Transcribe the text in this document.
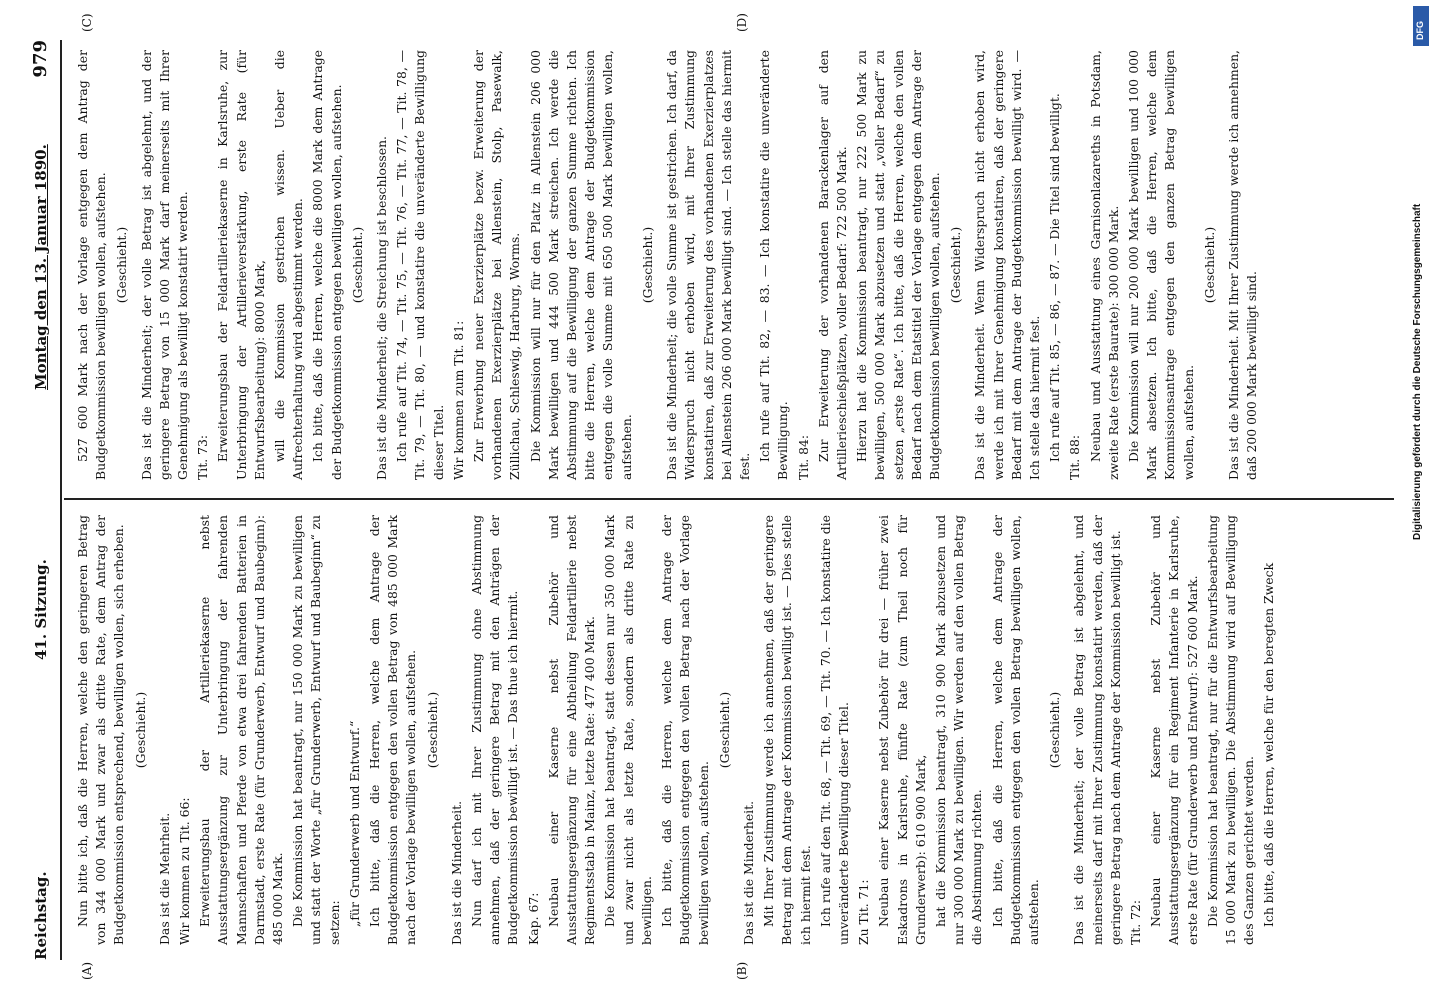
Reichstag.
41. Sitzung.
Montag den 13. Januar 1890.
979
(A)	(B)
(C)	(D)

Nun bitte ich, daß die Herren, welche den geringeren Betrag von 344 000 Mark und zwar als dritte Rate, dem Antrag der Budgetkommission entsprechend, bewilligen wollen, sich erheben. (Geschieht.)

Das ist die Mehrheit. Wir kommen zu Tit. 66: Erweiterungsbau der Artilleriekaserne nebst Ausstattungsergänzung zur Unterbringung der fahrenden Mannschaften und Pferde von etwa drei fahrenden Batterien in Darmstadt, erste Rate (für Grunderwerb, Entwurf und Baubeginn): 485 000 Mark. Die Kommission hat beantragt, nur 150 000 Mark zu bewilligen und statt der Worte „für Grunderwerb, Entwurf und Baubeginn“ zu setzen: „für Grunderwerb und Entwurf.“ Ich bitte, daß die Herren, welche dem Antrage der Budgetkommission entgegen den vollen Betrag von 485 000 Mark nach der Vorlage bewilligen wollen, aufstehen. (Geschieht.)

Das ist die Minderheit. Nun darf ich mit Ihrer Zustimmung ohne Abstimmung annehmen, daß der geringere Betrag mit den Anträgen der Budgetkommission bewilligt ist. — Das thue ich hiermit. Kap. 67: Neubau einer Kaserne nebst Zubehör und Ausstattungsergänzung für eine Abtheilung Feldartillerie nebst Regimentsstab in Mainz, letzte Rate: 477 400 Mark. Die Kommission hat beantragt, statt dessen nur 350 000 Mark und zwar nicht als letzte Rate, sondern als dritte Rate zu bewilligen. Ich bitte, daß die Herren, welche dem Antrage der Budgetkommission entgegen den vollen Betrag nach der Vorlage bewilligen wollen, aufstehen.

(Geschieht.)

Das ist die Minderheit. Mit Ihrer Zustimmung werde ich annehmen, daß der geringere Betrag mit dem Antrage der Kommission bewilligt ist. — Dies stelle ich hiermit fest. Ich rufe auf den Tit. 68, — Tit. 69, — Tit. 70. — Ich konstatire die unveränderte Bewilligung dieser Titel. Zu Tit. 71: Neubau einer Kaserne nebst Zubehör für drei — früher zwei Eskadrons in Karlsruhe, fünfte Rate (zum Theil noch für Grunderwerb): 610 900 Mark, hat die Kommission beantragt, 310 900 Mark abzusetzen und nur 300 000 Mark zu bewilligen. Wir werden auf den vollen Betrag die Abstimmung richten. Ich bitte, daß die Herren, welche dem Antrage der Budgetkommission entgegen den vollen Betrag bewilligen wollen, aufstehen.

(Geschieht.) Das ist die Minderheit; der volle Betrag ist abgelehnt, und meinerseits darf mit Ihrer Zustimmung konstatirt werden, daß der geringere Betrag nach dem Antrage der Kommission bewilligt ist. Tit. 72: Neubau einer Kaserne nebst Zubehör und Ausstattungsergänzung für ein Regiment Infanterie in Karlsruhe, erste Rate (für Grunderwerb und Entwurf): 527 600 Mark. Die Kommission hat beantragt, nur für die Entwurfsbearbeitung 15 000 Mark zu bewilligen. Die Abstimmung wird auf Bewilligung des Ganzen gerichtet werden. Ich bitte, daß die Herren, welche für den beregten Zweck

527 600 Mark nach der Vorlage entgegen dem Antrag der Budgetkommission bewilligen wollen, aufstehen. (Geschieht.) Das ist die Minderheit; der volle Betrag ist abgelehnt, und der geringere Betrag von 15 000 Mark darf meinerseits mit Ihrer Genehmigung als bewilligt konstatirt werden. Tit. 73: Erweiterungsbau der Feldartilleriekaserne in Karlsruhe, zur Unterbringung der Artillerieverstärkung, erste Rate (für Entwurfsbearbeitung): 8000 Mark, will die Kommission gestrichen wissen. Ueber die Aufrechterhaltung wird abgestimmt werden. Ich bitte, daß die Herren, welche die 8000 Mark dem Antrage der Budgetkommission entgegen bewilligen wollen, aufstehen. (Geschieht.) Das ist die Minderheit; die Streichung ist beschlossen. Ich rufe auf Tit. 74, — Tit. 75, — Tit. 76, — Tit. 77, — Tit. 78, — Tit. 79, — Tit. 80, — und konstatire die unveränderte Bewilligung dieser Titel. Wir kommen zum Tit. 81: Zur Erwerbung neuer Exerzierplätze bezw. Erweiterung der vorhandenen Exerzierplätze bei Allenstein, Stolp, Pasewalk, Züllichau, Schleswig, Harburg, Worms. Die Kommission will nur für den Platz in Allenstein 206 000 Mark bewilligen und 444 500 Mark streichen. Ich werde die Abstimmung auf die Bewilligung der ganzen Summe richten. Ich bitte die Herren, welche dem Antrage der Budgetkommission entgegen die volle Summe mit 650 500 Mark bewilligen wollen, aufstehen.

(Geschieht.) Das ist die Minderheit; die volle Summe ist gestrichen. Ich darf, da Widerspruch nicht erhoben wird, mit Ihrer Zustimmung konstatiren, daß zur Erweiterung des vorhandenen Exerzierplatzes bei Allenstein 206 000 Mark bewilligt sind. — Ich stelle das hiermit fest.

Ich rufe auf Tit. 82, — 83. — Ich konstatire die unveränderte Bewilligung. Tit. 84: Zur Erweiterung der vorhandenen Barackenlager auf den Artillerieschießplätzen, voller Bedarf: 722 500 Mark. Hierzu hat die Kommission beantragt, nur 222 500 Mark zu bewilligen, 500 000 Mark abzusetzen und statt „voller Bedarf“ zu setzen „erste Rate“. Ich bitte, daß die Herren, welche den vollen Bedarf nach dem Etatstitel der Vorlage entgegen dem Antrage der Budgetkommission bewilligen wollen, aufstehen. (Geschieht.) Das ist die Minderheit. Wenn Widerspruch nicht erhoben wird, werde ich mit Ihrer Genehmigung konstatiren, daß der geringere Bedarf mit dem Antrage der Budgetkommission bewilligt wird. — Ich stelle das hiermit fest. Ich rufe auf Tit. 85, — 86, — 87. — Die Titel sind bewilligt. Tit. 88: Neubau und Ausstattung eines Garnisonlazareths in Potsdam, zweite Rate (erste Baurate): 300 000 Mark. Die Kommission will nur 200 000 Mark bewilligen und 100 000 Mark absetzen. Ich bitte, daß die Herren, welche dem Kommissionsantrage entgegen den ganzen Betrag bewilligen wollen, aufstehen.

(Geschieht.) Das ist die Minderheit. Mit Ihrer Zustimmung werde ich annehmen, daß 200 000 Mark bewilligt sind.	Digitalisierung gefördert durch die Deutsche Forschungsgemeinschaft
DFG
